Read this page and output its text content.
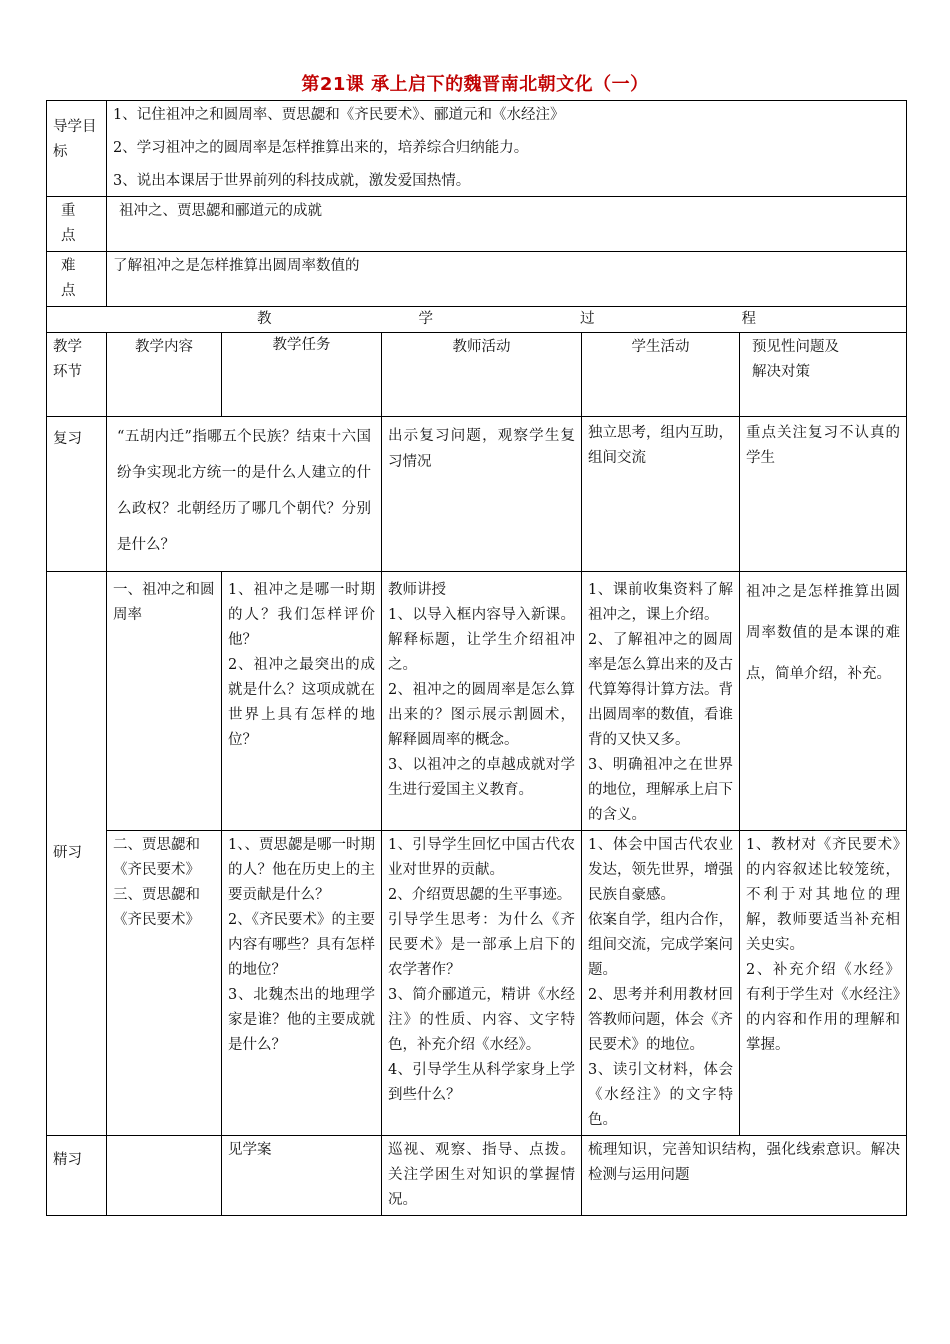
第21课 承上启下的魏晋南北朝文化（一）
导学目标	1、记住祖冲之和圆周率、贾思勰和《齐民要术》、郦道元和《水经注》

2、学习祖冲之的圆周率是怎样推算出来的，培养综合归纳能力。

3、说出本课居于世界前列的科技成就，激发爱国热情。				

重　　点	祖冲之、贾思勰和郦道元的成就				
难　　点	了解祖冲之是怎样推算出圆周率数值的				

教 学 过 程					

教学
环节	教学内容	教学任务	教师活动	学生活动	预见性问题及
解决对策
复习	“五胡内迁”指哪五个民族？结束十六国纷争实现北方统一的是什么人建立的什么政权？北朝经历了哪几个朝代？分别是什么？		出示复习问题，观察学生复习情况	独立思考，组内互助，组间交流	重点关注复习不认真的学生
研习	一、祖冲之和圆周率	1、祖冲之是哪一时期的人？我们怎样评价他？
2、祖冲之最突出的成就是什么？这项成就在世界上具有怎样的地位？	教师讲授
1、以导入框内容导入新课。解释标题，让学生介绍祖冲之。
2、祖冲之的圆周率是怎么算出来的？图示展示割圆术，解释圆周率的概念。
3、以祖冲之的卓越成就对学生进行爱国主义教育。	1、课前收集资料了解祖冲之，课上介绍。
2、了解祖冲之的圆周率是怎么算出来的及古代算筹得计算方法。背出圆周率的数值，看谁背的又快又多。
3、明确祖冲之在世界的地位，理解承上启下的含义。	祖冲之是怎样推算出圆周率数值的是本课的难点，简单介绍，补充。
	二、贾思勰和《齐民要术》
三、贾思勰和《齐民要术》	1、、贾思勰是哪一时期的人？他在历史上的主要贡献是什么？
2、《齐民要术》的主要内容有哪些？具有怎样的地位？
3、北魏杰出的地理学家是谁？他的主要成就是什么？	1、引导学生回忆中国古代农业对世界的贡献。
2、介绍贾思勰的生平事迹。
引导学生思考：为什么《齐民要术》是一部承上启下的农学著作？
3、简介郦道元，精讲《水经注》的性质、内容、文字特色，补充介绍《水经》。
4、引导学生从科学家身上学到些什么？	1、体会中国古代农业发达，领先世界，增强民族自豪感。
依案自学，组内合作，组间交流，完成学案问题。
2、思考并利用教材回答教师问题，体会《齐民要术》的地位。
3、读引文材料，体会《水经注》的文字特色。	1、教材对《齐民要术》的内容叙述比较笼统，不利于对其地位的理解，教师要适当补充相关史实。
2、补充介绍《水经》有利于学生对《水经注》的内容和作用的理解和掌握。
精习		见学案	巡视、观察、指导、点拨。关注学困生对知识的掌握情况。	梳理知识，完善知识结构，强化线索意识。解决检测与运用问题	
